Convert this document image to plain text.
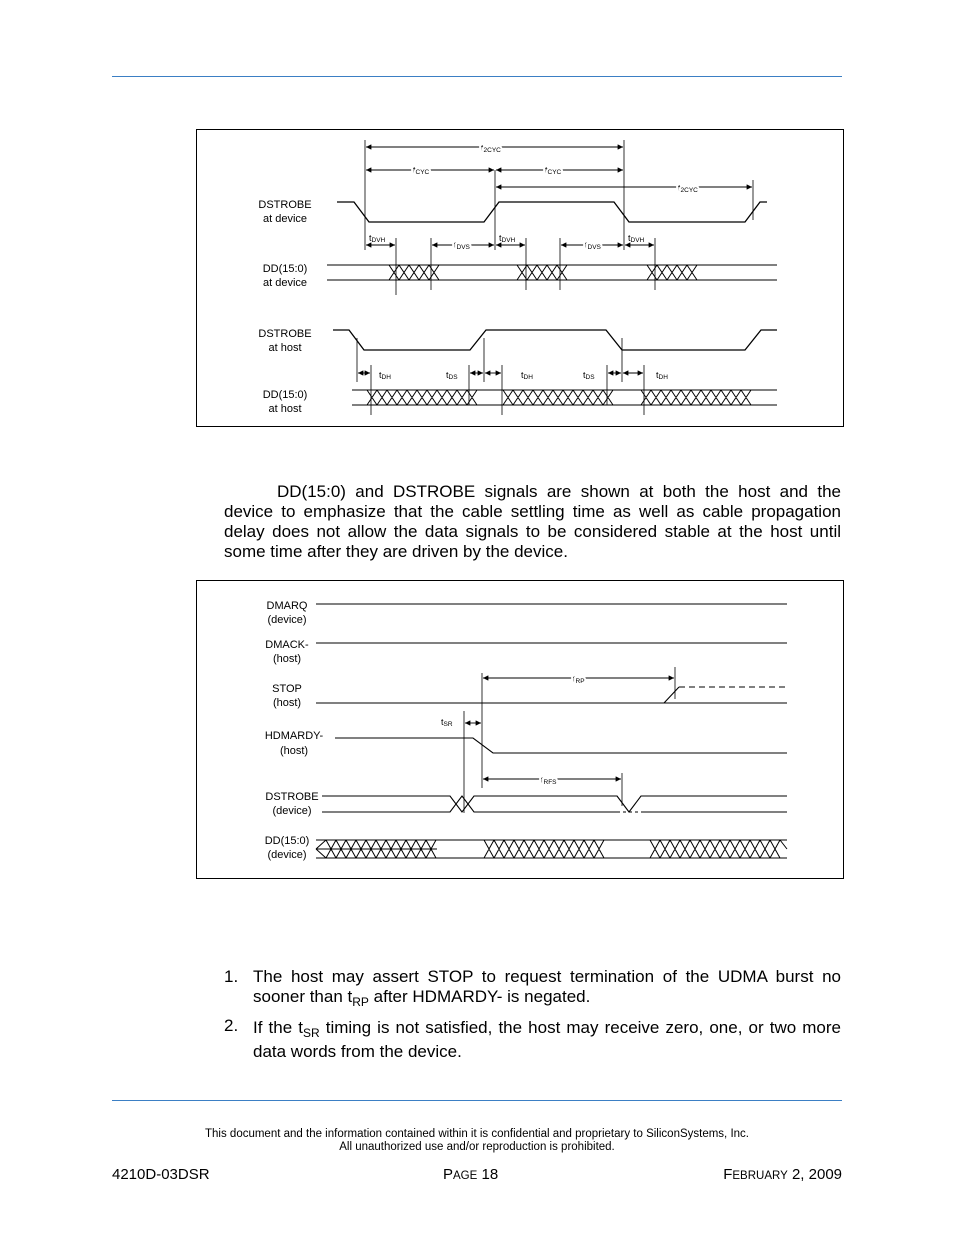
DSTROBE
at device
DD(15:0)
at device
DSTROBE
at host
DD(15:0)
at host
t2CYC
tCYC	tCYC
t2CYC
tDVH	tDVS
tDVH	tDVS
tDVH
tDH	tDS	tDH	tDS	tDH

DD(15:0) and DSTROBE signals are shown at both the host and the device to emphasize that the cable settling time as well as cable propagation delay does not allow the data signals to be considered stable at the host until some time after they are driven by the device.

DMARQ
(device)
DMACK-
(host)
STOP
(host)
HDMARDY-
(host)
DSTROBE
(device)
DD(15:0)
(device)
tRP
tSR
tRFS

1. The host may assert STOP to request termination of the UDMA burst no sooner than $t_{RP}$ after HDMARDY- is negated.

2. If the $t_{SR}$ timing is not satisfied, the host may receive zero, one, or two more data words from the device.

This document and the information contained within it is confidential and proprietary to SiliconSystems, Inc.
All unauthorized use and/or reproduction is prohibited.
4210D-03DSR	PAGE 18	FEBRUARY 2, 2009
